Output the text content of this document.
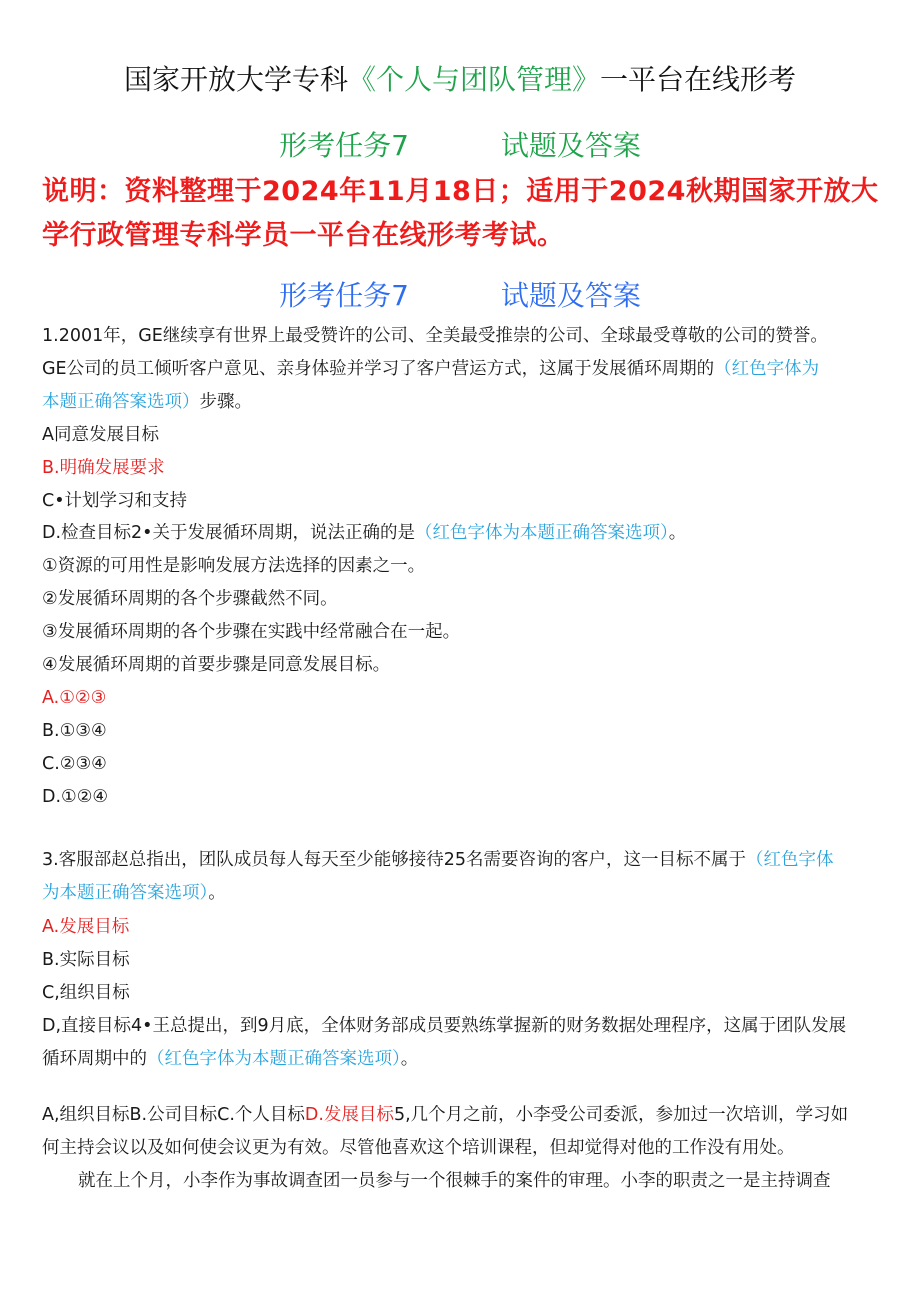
国家开放大学专科《个人与团队管理》一平台在线形考
形考任务7	试题及答案
说明：资料整理于2024年11月18日；适用于2024秋期国家开放大学行政管理专科学员一平台在线形考考试。
形考任务7	试题及答案
1.2001年，GE继续享有世界上最受赞许的公司、全美最受推崇的公司、全球最受尊敬的公司的赞誉。
GE公司的员工倾听客户意见、亲身体验并学习了客户营运方式，这属于发展循环周期的（红色字体为
本题正确答案选项）步骤。
A同意发展目标
B.明确发展要求
C•计划学习和支持
D.检查目标2•关于发展循环周期，说法正确的是（红色字体为本题正确答案选项）。
①资源的可用性是影响发展方法选择的因素之一。
②发展循环周期的各个步骤截然不同。
③发展循环周期的各个步骤在实践中经常融合在一起。
④发展循环周期的首要步骤是同意发展目标。
A.①②③
B.①③④
C.②③④
D.①②④
3.客服部赵总指出，团队成员每人每天至少能够接待25名需要咨询的客户，这一目标不属于（红色字体
为本题正确答案选项）。
A.发展目标
B.实际目标
C,组织目标
D,直接目标4•王总提出，到9月底，全体财务部成员要熟练掌握新的财务数据处理程序，这属于团队发展
循环周期中的（红色字体为本题正确答案选项）。
A,组织目标B.公司目标C.个人目标D.发展目标5,几个月之前，小李受公司委派，参加过一次培训，学习如
何主持会议以及如何使会议更为有效。尽管他喜欢这个培训课程，但却觉得对他的工作没有用处。
就在上个月，小李作为事故调查团一员参与一个很棘手的案件的审理。小李的职责之一是主持调查
